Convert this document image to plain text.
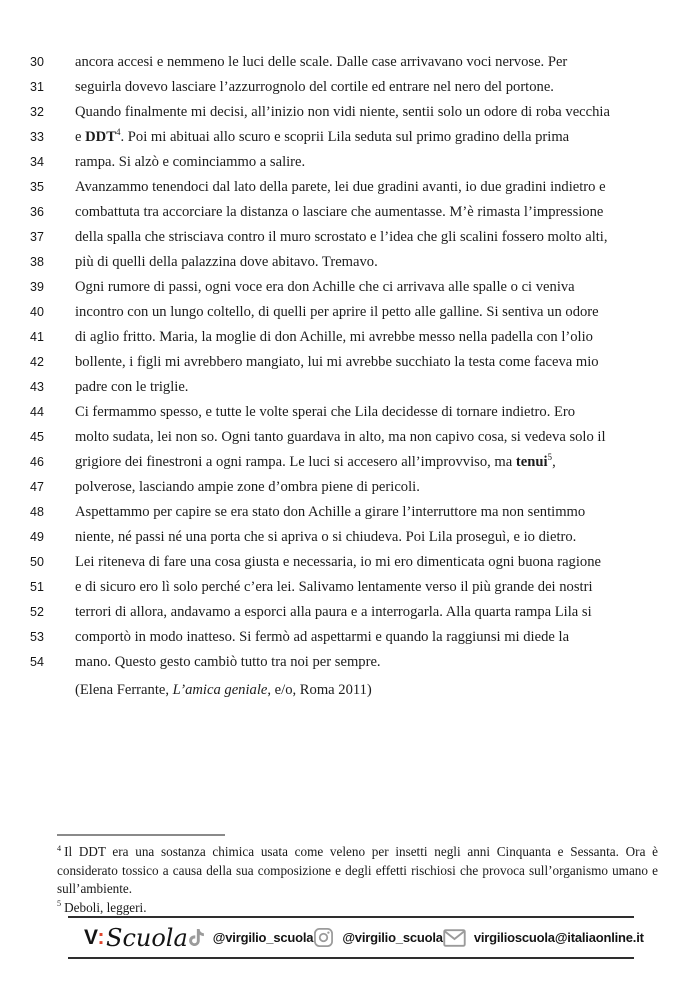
30 ancora accesi e nemmeno le luci delle scale. Dalle case arrivavano voci nervose. Per
31 seguirla dovevo lasciare l’azzurrognolo del cortile ed entrare nel nero del portone.
32 Quando finalmente mi decisi, all’inizio non vidi niente, sentii solo un odore di roba vecchia
33 e DDT$^4$. Poi mi abituai allo scuro e scoprii Lila seduta sul primo gradino della prima
34 rampa. Si alzò e cominciammo a salire.
35 Avanzammo tenendoci dal lato della parete, lei due gradini avanti, io due gradini indietro e
36 combattuta tra accorciare la distanza o lasciare che aumentasse. M’è rimasta l’impressione
37 della spalla che strisciava contro il muro scrostato e l’idea che gli scalini fossero molto alti,
38 più di quelli della palazzina dove abitavo. Tremavo.
39 Ogni rumore di passi, ogni voce era don Achille che ci arrivava alle spalle o ci veniva
40 incontro con un lungo coltello, di quelli per aprire il petto alle galline. Si sentiva un odore
41 di aglio fritto. Maria, la moglie di don Achille, mi avrebbe messo nella padella con l’olio
42 bollente, i figli mi avrebbero mangiato, lui mi avrebbe succhiato la testa come faceva mio
43 padre con le triglie.
44 Ci fermammo spesso, e tutte le volte sperai che Lila decidesse di tornare indietro. Ero
45 molto sudata, lei non so. Ogni tanto guardava in alto, ma non capivo cosa, si vedeva solo il
46 grigiore dei finestroni a ogni rampa. Le luci si accesero all’improvviso, ma tenui$^5$,
47 polverose, lasciando ampie zone d’ombra piene di pericoli.
48 Aspettammo per capire se era stato don Achille a girare l’interruttore ma non sentimmo
49 niente, né passi né una porta che si apriva o si chiudeva. Poi Lila proseguì, e io dietro.
50 Lei riteneva di fare una cosa giusta e necessaria, io mi ero dimenticata ogni buona ragione
51 e di sicuro ero lì solo perché c’era lei. Salivamo lentamente verso il più grande dei nostri
52 terrori di allora, andavamo a esporci alla paura e a interrogarla. Alla quarta rampa Lila si
53 comportò in modo inatteso. Si fermò ad aspettarmi e quando la raggiunsi mi diede la
54 mano. Questo gesto cambiò tutto tra noi per sempre.
(Elena Ferrante, L’amica geniale, e/o, Roma 2011)
$^4$ Il DDT era una sostanza chimica usata come veleno per insetti negli anni Cinquanta e Sessanta. Ora è considerato tossico a causa della sua composizione e degli effetti rischiosi che provoca sull’organismo umano e sull’ambiente.
$^5$ Deboli, leggeri.
V : Scuola @virgilio_scuola @virgilio_scuola virgilioscuola@italiaonline.it
